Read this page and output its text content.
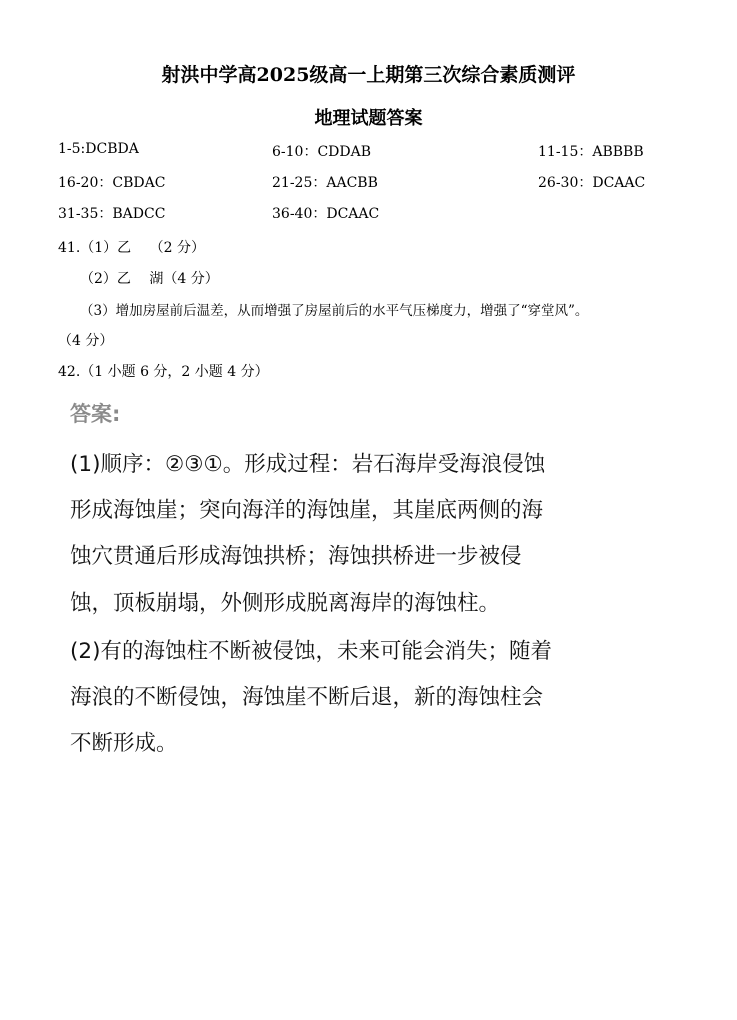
射洪中学高2025级高一上期第三次综合素质测评
地理试题答案
1-5:DCBDA	6-10：CDDAB	11-15：ABBBB
16-20：CBDAC	21-25：AACBB	26-30：DCAAC
31-35：BADCC	36-40：DCAAC
41.（1）乙　 （2 分）
（2）乙　 湖（4 分）
（3）增加房屋前后温差，从而增强了房屋前后的水平气压梯度力，增强了“穿堂风”。
（4 分）
42.（1 小题 6 分，2 小题 4 分）
答案:
(1)顺序：②③①。形成过程：岩石海岸受海浪侵蚀
形成海蚀崖；突向海洋的海蚀崖，其崖底两侧的海
蚀穴贯通后形成海蚀拱桥；海蚀拱桥进一步被侵
蚀，顶板崩塌，外侧形成脱离海岸的海蚀柱。
(2)有的海蚀柱不断被侵蚀，未来可能会消失；随着
海浪的不断侵蚀，海蚀崖不断后退，新的海蚀柱会
不断形成。
